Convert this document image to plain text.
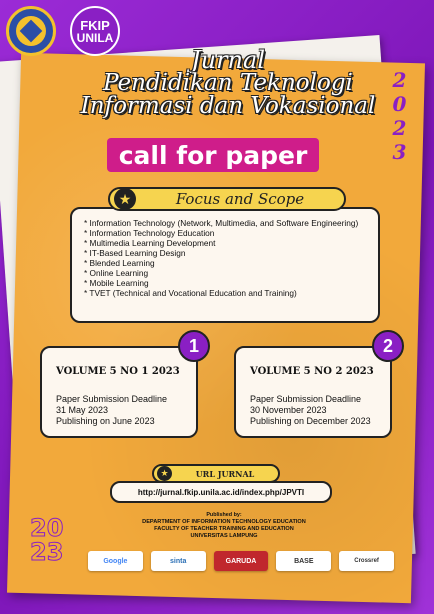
FKIP
UNILA
Jurnal
Pendidikan Teknologi
Informasi dan Vokasional 2023
call for paper
* Information Technology (Network, Multimedia, and Software Engineering)
* Information Technology Education
* Multimedia Learning Development
* IT-Based Learning Design
* Blended Learning
* Online Learning
* Mobile Learning
* TVET (Technical and Vocational Education and Training)
★	Focus and Scope
VOLUME 5 NO 1 2023
Paper Submission Deadline
31 May 2023
Publishing on June 2023
1
VOLUME 5 NO 2 2023
Paper Submission Deadline
30 November 2023
Publishing on December 2023
2
http://jurnal.fkip.unila.ac.id/index.php/JPVTI
★	URL JURNAL
20
23
Published by:
DEPARTMENT OF INFORMATION TECHNOLOGY EDUCATION
FACULTY OF TEACHER TRAINING AND EDUCATION
UNIVERSITAS LAMPUNG
Google	sinta	GARUDA	BASE	Crossref
